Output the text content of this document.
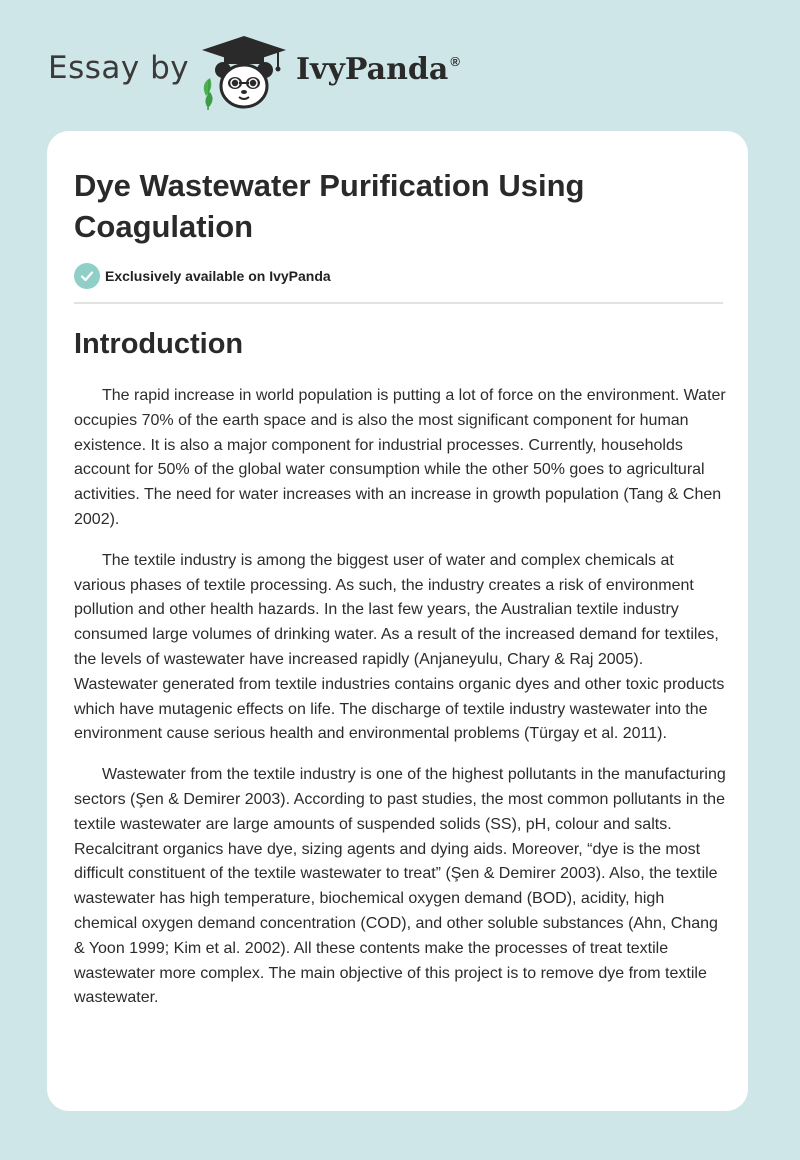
Essay by	IvyPanda ®
Dye Wastewater Purification Using Coagulation
Exclusively available on IvyPanda
Introduction

The rapid increase in world population is putting a lot of force on the environment. Water occupies 70% of the earth space and is also the most significant component for human existence. It is also a major component for industrial processes. Currently, households account for 50% of the global water consumption while the other 50% goes to agricultural activities. The need for water increases with an increase in growth population (Tang & Chen 2002).

The textile industry is among the biggest user of water and complex chemicals at various phases of textile processing. As such, the industry creates a risk of environment pollution and other health hazards. In the last few years, the Australian textile industry consumed large volumes of drinking water. As a result of the increased demand for textiles, the levels of wastewater have increased rapidly (Anjaneyulu, Chary & Raj 2005). Wastewater generated from textile industries contains organic dyes and other toxic products which have mutagenic effects on life. The discharge of textile industry wastewater into the environment cause serious health and environmental problems (Türgay et al. 2011).

Wastewater from the textile industry is one of the highest pollutants in the manufacturing sectors (Şen & Demirer 2003). According to past studies, the most common pollutants in the textile wastewater are large amounts of suspended solids (SS), pH, colour and salts. Recalcitrant organics have dye, sizing agents and dying aids. Moreover, “dye is the most difficult constituent of the textile wastewater to treat” (Şen & Demirer 2003). Also, the textile wastewater has high temperature, biochemical oxygen demand (BOD), acidity, high chemical oxygen demand concentration (COD), and other soluble substances (Ahn, Chang & Yoon 1999; Kim et al. 2002). All these contents make the processes of treat textile wastewater more complex. The main objective of this project is to remove dye from textile wastewater.
